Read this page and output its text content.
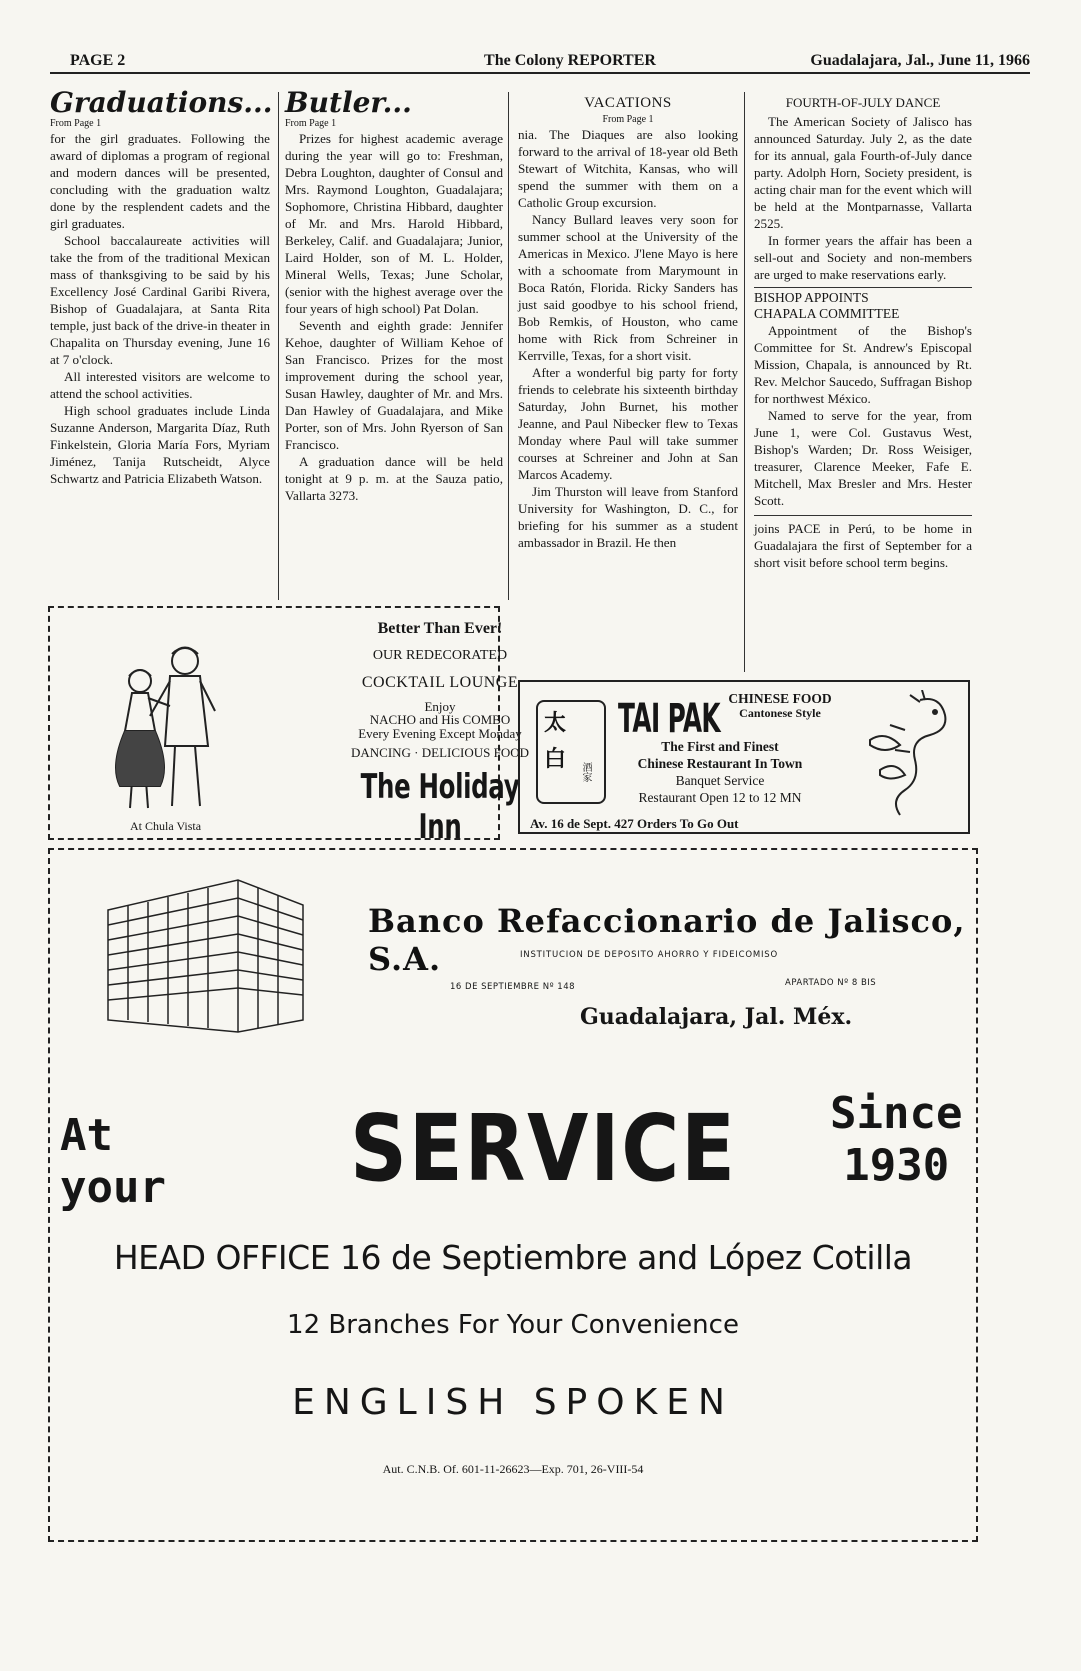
PAGE 2	The Colony REPORTER	Guadalajara, Jal., June 11, 1966
Graduations...

From Page 1

for the girl graduates. Following the award of diplomas a program of regional and modern dances will be presented, concluding with the graduation waltz done by the resplendent cadets and the girl graduates.

School baccalaureate activities will take the from of the traditional Mexican mass of thanksgiving to be said by his Excellency José Cardinal Garibi Rivera, Bishop of Guadalajara, at Santa Rita temple, just back of the drive-in theater in Chapalita on Thursday evening, June 16 at 7 o'clock.

All interested visitors are welcome to attend the school activities.

High school graduates include Linda Suzanne Anderson, Margarita Díaz, Ruth Finkelstein, Gloria María Fors, Myriam Jiménez, Tanija Rutscheidt, Alyce Schwartz and Patricia Elizabeth Watson.

Butler...

From Page 1

Prizes for highest academic average during the year will go to: Freshman, Debra Loughton, daughter of Consul and Mrs. Raymond Loughton, Guadalajara; Sophomore, Christina Hibbard, daughter of Mr. and Mrs. Harold Hibbard, Berkeley, Calif. and Guadalajara; Junior, Laird Holder, son of M. L. Holder, Mineral Wells, Texas; June Scholar, (senior with the highest average over the four years of high school) Pat Dolan.

Seventh and eighth grade: Jennifer Kehoe, daughter of William Kehoe of San Francisco. Prizes for the most improvement during the school year, Susan Hawley, daughter of Mr. and Mrs. Dan Hawley of Guadalajara, and Mike Porter, son of Mrs. John Ryerson of San Francisco.

A graduation dance will be held tonight at 9 p. m. at the Sauza patio, Vallarta 3273.

VACATIONS

From Page 1

nia. The Diaques are also looking forward to the arrival of 18-year old Beth Stewart of Witchita, Kansas, who will spend the summer with them on a Catholic Group excursion.

Nancy Bullard leaves very soon for summer school at the University of the Americas in Mexico. J'lene Mayo is here with a schoomate from Marymount in Boca Ratón, Florida. Ricky Sanders has just said goodbye to his school friend, Bob Remkis, of Houston, who came home with Rick from Schreiner in Kerrville, Texas, for a short visit.

After a wonderful big party for forty friends to celebrate his sixteenth birthday Saturday, John Burnet, his mother Jeanne, and Paul Nibecker flew to Texas Monday where Paul will take summer courses at Schreiner and John at San Marcos Academy.

Jim Thurston will leave from Stanford University for Washington, D. C., for briefing for his summer as a student ambassador in Brazil. He then

FOURTH-OF-JULY DANCE

The American Society of Jalisco has announced Saturday. July 2, as the date for its annual, gala Fourth-of-July dance party. Adolph Horn, Society president, is acting chair man for the event which will be held at the Montparnasse, Vallarta 2525.

In former years the affair has been a sell-out and Society and non-members are urged to make reservations early.

BISHOP APPOINTS
CHAPALA COMMITTEE

Appointment of the Bishop's Committee for St. Andrew's Episcopal Mission, Chapala, is announced by Rt. Rev. Melchor Saucedo, Suffragan Bishop for northwest México.

Named to serve for the year, from June 1, were Col. Gustavus West, Bishop's Warden; Dr. Ross Weisiger, treasurer, Clarence Meeker, Fafe E. Mitchell, Max Bresler and Mrs. Hester Scott.

joins PACE in Perú, to be home in Guadalajara the first of September for a short visit before school term begins.

Better Than Ever!
OUR REDECORATED
COCKTAIL LOUNGE
Enjoy
NACHO and His COMBO
Every Evening Except Monday
DANCING · DELICIOUS FOOD
The Holiday Inn
At Chula Vista
太
白 酒家
TAI PAK CHINESE FOOD
Cantonese Style
The First and Finest
Chinese Restaurant In Town
Banquet Service
Restaurant Open 12 to 12 MN
Av. 16 de Sept. 427 Orders To Go Out
Banco Refaccionario de Jalisco, S.A.	INSTITUCION DE DEPOSITO AHORRO Y FIDEICOMISO
16 DE SEPTIEMBRE Nº 148	APARTADO Nº 8 BIS
Guadalajara, Jal. Méx.
At
your SERVICE Since
1930
HEAD OFFICE 16 de Septiembre and López Cotilla
12 Branches For Your Convenience
ENGLISH SPOKEN
Aut. C.N.B. Of. 601-11-26623—Exp. 701, 26-VIII-54
